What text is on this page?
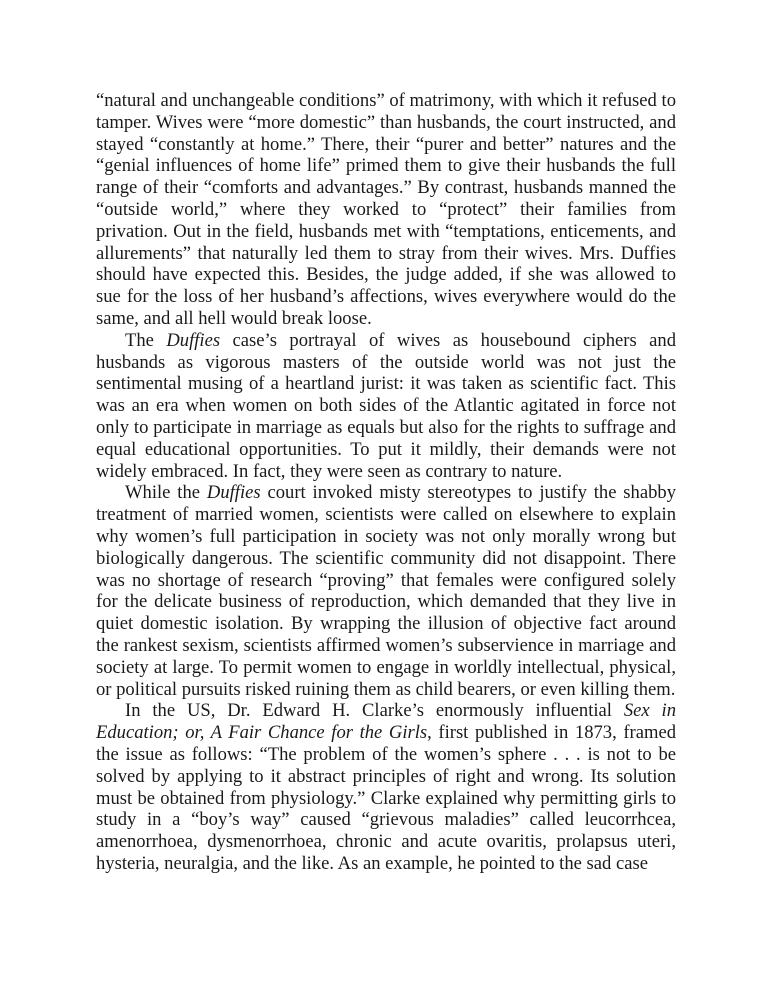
“natural and unchangeable conditions” of matrimony, with which it refused to tamper. Wives were “more domestic” than husbands, the court instructed, and stayed “constantly at home.” There, their “purer and better” natures and the “genial influences of home life” primed them to give their husbands the full range of their “comforts and advantages.” By contrast, husbands manned the “outside world,” where they worked to “protect” their families from privation. Out in the field, husbands met with “temptations, enticements, and allurements” that naturally led them to stray from their wives. Mrs. Duffies should have expected this. Besides, the judge added, if she was allowed to sue for the loss of her husband’s affections, wives everywhere would do the same, and all hell would break loose.

The Duffies case’s portrayal of wives as housebound ciphers and husbands as vigorous masters of the outside world was not just the sentimental musing of a heartland jurist: it was taken as scientific fact. This was an era when women on both sides of the Atlantic agitated in force not only to participate in marriage as equals but also for the rights to suffrage and equal educational opportunities. To put it mildly, their demands were not widely embraced. In fact, they were seen as contrary to nature.

While the Duffies court invoked misty stereotypes to justify the shabby treatment of married women, scientists were called on elsewhere to explain why women’s full participation in society was not only morally wrong but biologically dangerous. The scientific community did not disappoint. There was no shortage of research “proving” that females were configured solely for the delicate business of reproduction, which demanded that they live in quiet domestic isolation. By wrapping the illusion of objective fact around the rankest sexism, scientists affirmed women’s subservience in marriage and society at large. To permit women to engage in worldly intellectual, physical, or political pursuits risked ruining them as child bearers, or even killing them.

In the US, Dr. Edward H. Clarke’s enormously influential Sex in Education; or, A Fair Chance for the Girls, first published in 1873, framed the issue as follows: “The problem of the women’s sphere . . . is not to be solved by applying to it abstract principles of right and wrong. Its solution must be obtained from physiology.” Clarke explained why permitting girls to study in a “boy’s way” caused “grievous maladies” called leucorrhcea, amenorrhoea, dysmenorrhoea, chronic and acute ovaritis, prolapsus uteri, hysteria, neuralgia, and the like. As an example, he pointed to the sad case
